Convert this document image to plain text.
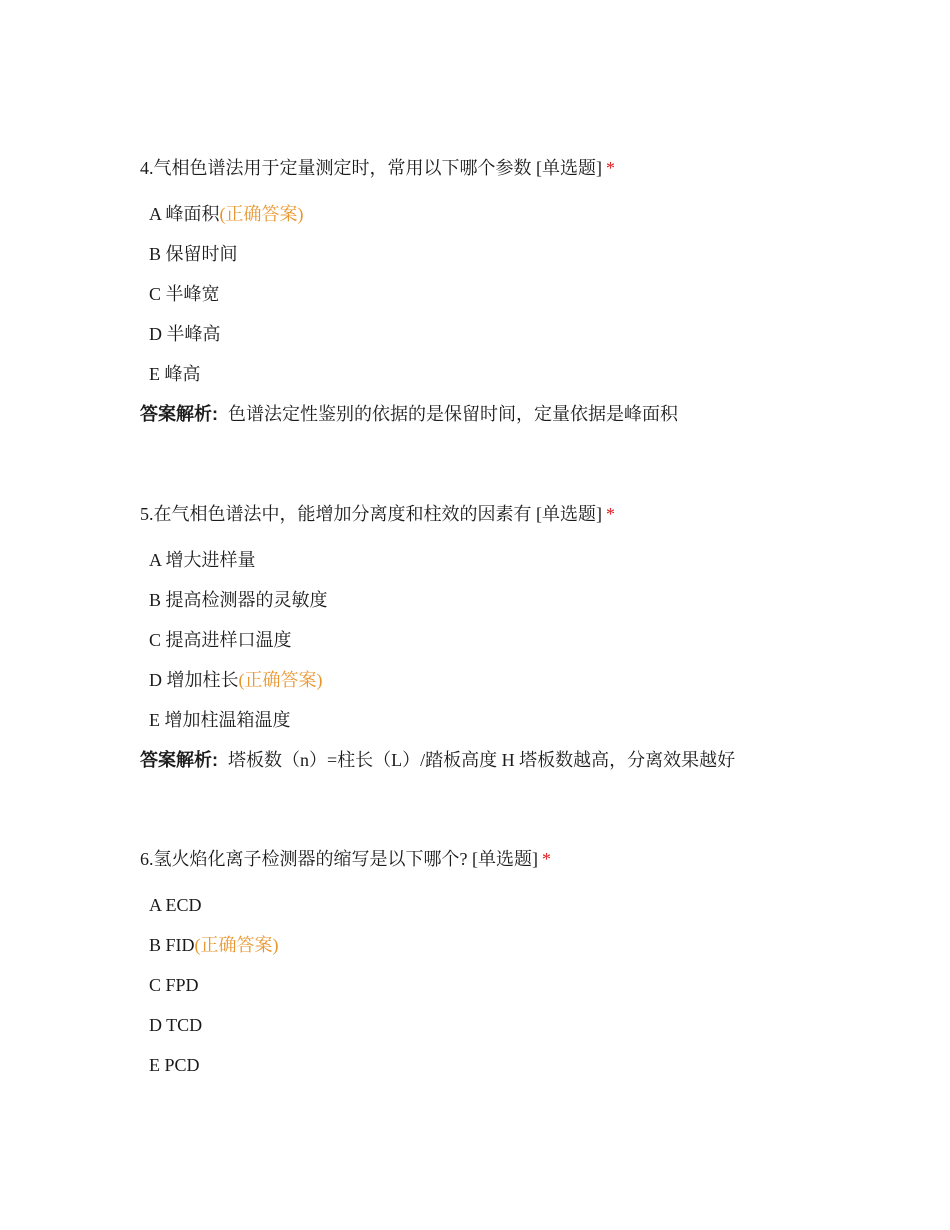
4.气相色谱法用于定量测定时，常用以下哪个参数 [单选题] *
A 峰面积(正确答案)
B 保留时间
C 半峰宽
D 半峰高
E 峰高
答案解析: 色谱法定性鉴别的依据的是保留时间，定量依据是峰面积
5.在气相色谱法中，能增加分离度和柱效的因素有 [单选题] *
A 增大进样量
B 提高检测器的灵敏度
C 提高进样口温度
D 增加柱长(正确答案)
E 增加柱温箱温度
答案解析: 塔板数（n）=柱长（L）/踏板高度 H 塔板数越高，分离效果越好
6.氢火焰化离子检测器的缩写是以下哪个? [单选题] *
A ECD
B FID(正确答案)
C FPD
D TCD
E PCD
